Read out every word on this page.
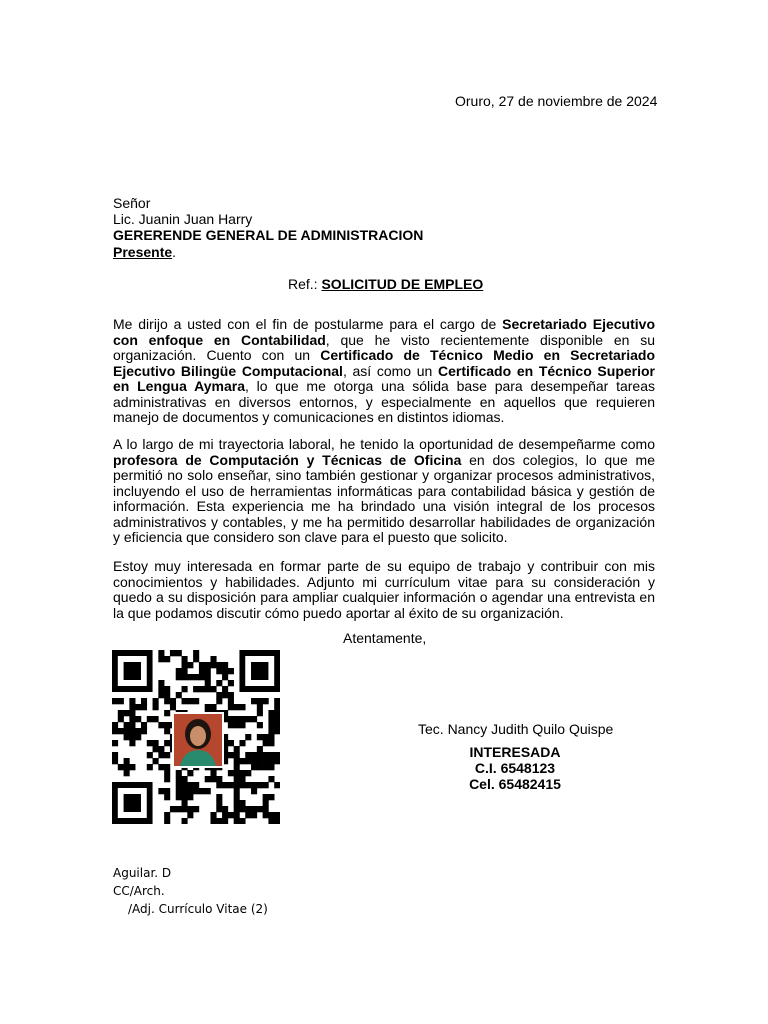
Oruro, 27 de noviembre de 2024
Señor
Lic. Juanin Juan Harry
GERERENDE GENERAL DE ADMINISTRACION
Presente.
Ref.: SOLICITUD DE EMPLEO

Me dirijo a usted con el fin de postularme para el cargo de Secretariado Ejecutivo con enfoque en Contabilidad, que he visto recientemente disponible en su organización. Cuento con un Certificado de Técnico Medio en Secretariado Ejecutivo Bilingüe Computacional, así como un Certificado en Técnico Superior en Lengua Aymara, lo que me otorga una sólida base para desempeñar tareas administrativas en diversos entornos, y especialmente en aquellos que requieren manejo de documentos y comunicaciones en distintos idiomas.

A lo largo de mi trayectoria laboral, he tenido la oportunidad de desempeñarme como profesora de Computación y Técnicas de Oficina en dos colegios, lo que me permitió no solo enseñar, sino también gestionar y organizar procesos administrativos, incluyendo el uso de herramientas informáticas para contabilidad básica y gestión de información. Esta experiencia me ha brindado una visión integral de los procesos administrativos y contables, y me ha permitido desarrollar habilidades de organización y eficiencia que considero son clave para el puesto que solicito.

Estoy muy interesada en formar parte de su equipo de trabajo y contribuir con mis conocimientos y habilidades. Adjunto mi currículum vitae para su consideración y quedo a su disposición para ampliar cualquier información o agendar una entrevista en la que podamos discutir cómo puedo aportar al éxito de su organización.

Atentamente,
Tec. Nancy Judith Quilo Quispe
INTERESADA
C.I. 6548123
Cel. 65482415
Aguilar. D
CC/Arch.
/Adj. Currículo Vitae (2)
